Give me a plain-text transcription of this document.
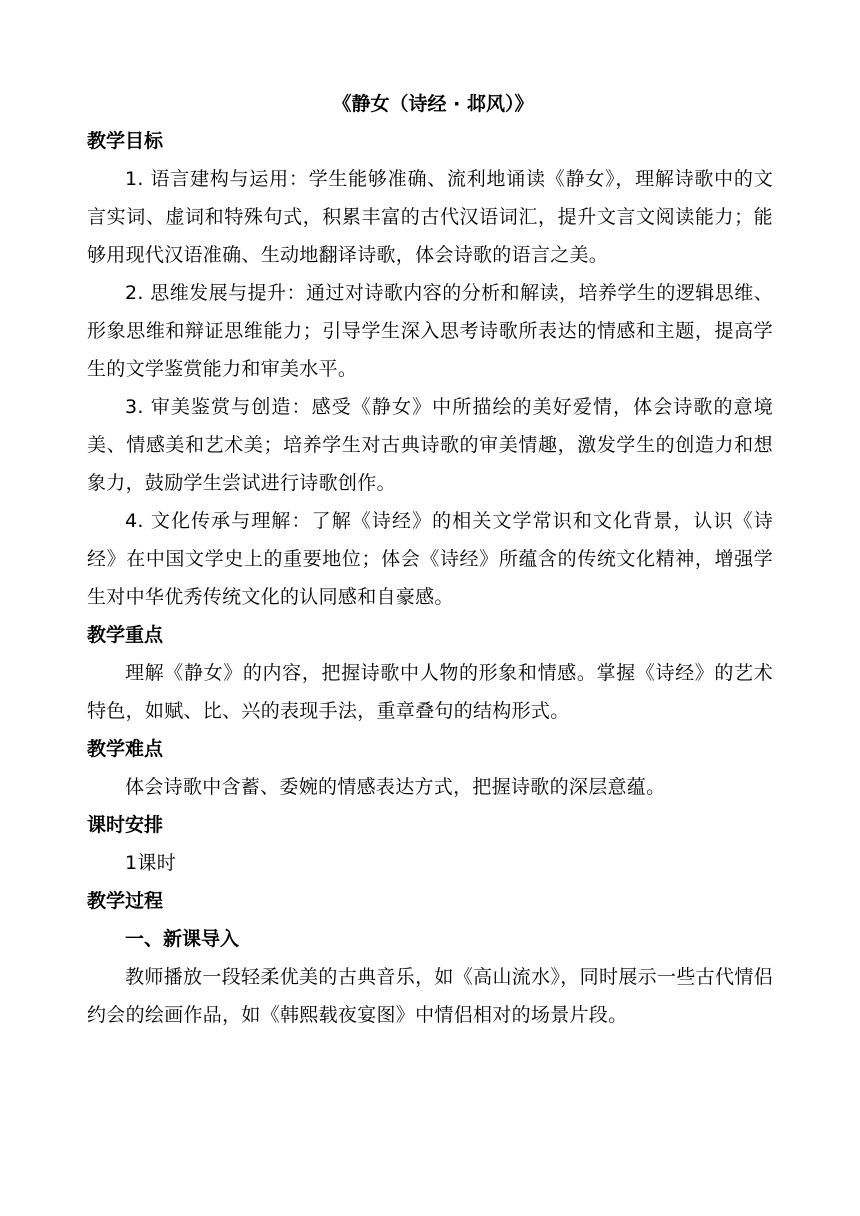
《静女（诗经 · 邶风）》

教学目标

1. 语言建构与运用：学生能够准确、流利地诵读《静女》，理解诗歌中的文言实词、虚词和特殊句式，积累丰富的古代汉语词汇，提升文言文阅读能力；能够用现代汉语准确、生动地翻译诗歌，体会诗歌的语言之美。

2. 思维发展与提升：通过对诗歌内容的分析和解读，培养学生的逻辑思维、形象思维和辩证思维能力；引导学生深入思考诗歌所表达的情感和主题，提高学生的文学鉴赏能力和审美水平。

3. 审美鉴赏与创造：感受《静女》中所描绘的美好爱情，体会诗歌的意境美、情感美和艺术美；培养学生对古典诗歌的审美情趣，激发学生的创造力和想象力，鼓励学生尝试进行诗歌创作。

4. 文化传承与理解：了解《诗经》的相关文学常识和文化背景，认识《诗经》在中国文学史上的重要地位；体会《诗经》所蕴含的传统文化精神，增强学生对中华优秀传统文化的认同感和自豪感。

教学重点

理解《静女》的内容，把握诗歌中人物的形象和情感。掌握《诗经》的艺术特色，如赋、比、兴的表现手法，重章叠句的结构形式。

教学难点

体会诗歌中含蓄、委婉的情感表达方式，把握诗歌的深层意蕴。

课时安排

1课时

教学过程

一、新课导入

教师播放一段轻柔优美的古典音乐，如《高山流水》，同时展示一些古代情侣约会的绘画作品，如《韩熙载夜宴图》中情侣相对的场景片段。
